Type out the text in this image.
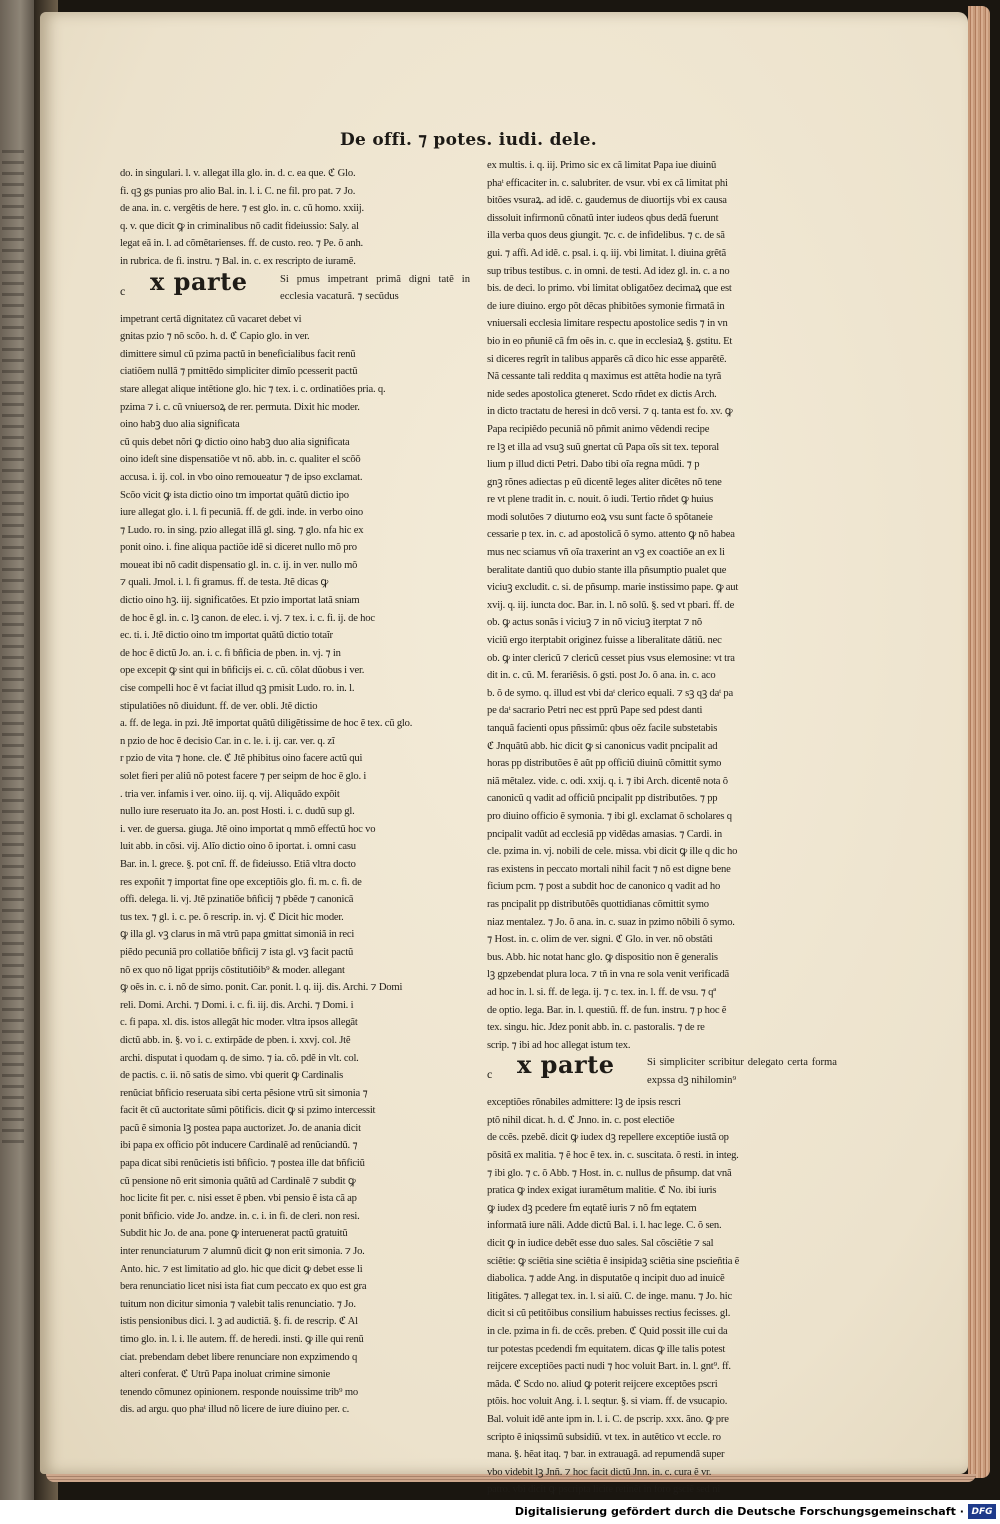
De offi. ⁊ potes. iudi. dele.
do. in singulari. l. v. allegat illa glo. in. d. c. ea que. ℭ Glo.
fi. qꝫ gs punias pro alio Bal. in. l. i. C. ne fil. pro pat. ⁊ Jo.
de ana. in. c. vergẽtis de here. ⁊ est glo. in. c. cũ homo. xxiij.
q. v. que dicit ꝙ in criminalibus nõ cadit fideiussio: Saly. al
legat eã in. l. ad cõmẽtarienses. ff. de custo. reo. ⁊ Pe. õ anh.
in rubrica. de fi. instru. ⁊ Bal. in. c. ex rescripto de iuramẽ.
c x parte	Si pmus impetrant primã digni tatẽ in ecclesia vacaturã. ⁊ secũdus
impetrant certã dignitatez cũ vacaret debet vi
gnitas pzio ⁊ nõ scõo. h. d. ℭ Capio glo. in ver.
dimittere simul cũ pzima pactũ in beneficialibus facit renũ
ciatiõem nullã ⁊ pmittẽdo simpliciter dimĩo pcesserit pactũ
stare allegat alique intẽtione glo. hic ⁊ tex. i. c. ordinatiões pria. q.
pzima ⁊ i. c. cũ vniuersoꝝ de rer. permuta. Dixit hic moder.
oino habꝫ duo alia significata
cũ quis debet nõri ꝙ dictio oino habꝫ duo alia significata
oino ideſt sine dispensatiõe vt nõ. abb. in. c. qualiter el scõõ
accusa. i. ij. col. in vbo oino remoueatur ⁊ de ipso exclamat.
Scõo vicit ꝙ ista dictio oino tm importat quãtũ dictio ipo
iure allegat glo. i. l. fi pecuniã. ff. de gdi. inde. in verbo oino
⁊ Ludo. ro. in sing. pzio allegat illã gl. sing. ⁊ glo. nfa hic ex
ponit oino. i. fine aliqua pactiõe idẽ si diceret nullo mõ pro
moueat ibi nõ cadit dispensatio gl. in. c. ij. in ver. nullo mõ
⁊ quali. Jmol. i. l. fi gramus. ff. de testa. Jtẽ dicas ꝙ
dictio oino hꝫ. iij. significatões. Et pzio importat latã sniam
de hoc ẽ gl. in. c. lꝫ canon. de elec. i. vj. ⁊ tex. i. c. fi. ij. de hoc
ec. ti. i. Jtẽ dictio oino tm importat quãtũ dictio totaĩr
de hoc ẽ dictũ Jo. an. i. c. fi bñficia de pben. in. vj. ⁊ in
ope excepit ꝙ sint qui in bñficijs ei. c. cũ. cõlat dũobus i ver.
cise compelli hoc ẽ vt faciat illud qꝫ pmisit Ludo. ro. in. l.
stipulatiões nõ diuidunt. ff. de ver. obli. Jtẽ dictio
a. ff. de lega. in pzi. Jtẽ importat quãtũ diligẽtissime de hoc ẽ tex. cũ glo.
n pzio de hoc ẽ decisio Car. in c. le. i. ij. car. ver. q. zĩ
r pzio de vita ⁊ hone. cle. ℭ Jtẽ phibitus oino facere actũ qui
solet fieri per aliũ nõ potest facere ⁊ per seipm de hoc ẽ glo. i
. tria ver. infamis i ver. oino. iij. q. vij. Aliquãdo expõit
nullo iure reseruato ita Jo. an. post Hosti. i. c. dudũ sup gl.
i. ver. de guersa. giuga. Jtẽ oino importat q mmõ effectũ hoc vo
luit abb. in cõsi. vij. Alĩo dictio oino õ iportat. i. omni casu
Bar. in. l. grece. §. pot cnĩ. ff. de fideiusso. Etiã vltra docto
res expoñit ⁊ importat fine ope exceptiõis glo. fi. m. c. fi. de
offi. delega. li. vj. Jtẽ pzinatiõe bñficij ⁊ pbẽde ⁊ canonicã
tus tex. ⁊ gl. i. c. pe. õ rescrip. in. vj. ℭ Dicit hic moder.
ꝙ illa gl. vꝫ clarus in mã vtrũ papa gmittat simoniã in reci
piẽdo pecuniã pro collatiõe bñficij ⁊ ista gl. vꝫ facit pactũ
nõ ex quo nõ ligat pprijs cõstitutiõib⁹ & moder. allegant
ꝙ oẽs in. c. i. nõ de simo. ponit. Car. ponit. l. q. iij. dis. Archi. ⁊ Domi
reli. Domi. Archi. ⁊ Domi. i. c. fi. iij. dis. Archi. ⁊ Domi. i
c. fi papa. xl. dis. istos allegãt hic moder. vltra ipsos allegãt
dictũ abb. in. §. vo i. c. extirpãde de pben. i. xxvj. col. Jtẽ
archi. disputat i quodam q. de simo. ⁊ ia. cõ. pdẽ in vlt. col.
de pactis. c. ii. nõ satis de simo. vbi querit ꝙ Cardinalis
renũciat bñficio reseruata sibi certa pẽsione vtrũ sit simonia ⁊
facit ẽt cũ auctoritate sũmi põtificis. dicit ꝙ si pzimo intercessit
pacũ ẽ simonia lꝫ postea papa auctorizet. Jo. de anania dicit
ibi papa ex officio põt inducere Cardinalẽ ad renũciandũ. ⁊
papa dicat sibi renũcietis isti bñficio. ⁊ postea ille dat bñficiũ
cũ pensione nõ erit simonia quãtũ ad Cardinalẽ ⁊ subdit ꝙ
hoc licite fit per. c. nisi esset ẽ pben. vbi pensio ẽ ista cã ap
ponit bñficio. vide Jo. andze. in. c. i. in fi. de cleri. non resi.
Subdit hic Jo. de ana. pone ꝙ interuenerat pactũ gratuitũ
inter renunciaturum ⁊ alumnũ dicit ꝙ non erit simonia. ⁊ Jo.
Anto. hic. ⁊ est limitatio ad glo. hic que dicit ꝙ debet esse li
bera renunciatio licet nisi ista fiat cum peccato ex quo est gra
tuitum non dicitur simonia ⁊ valebit talis renunciatio. ⁊ Jo.
istis pensionibus dici. l. ꝫ ad audictiã. §. fi. de rescrip. ℭ Al
timo glo. in. l. i. lle autem. ff. de heredi. insti. ꝙ ille qui renũ
ciat. prebendam debet libere renunciare non expzimendo q
alteri conferat. ℭ Utrũ Papa inoluat crimine simonie
tenendo cõmunez opinionem. responde nouissime trib⁹ mo
dis. ad argu. quo phaᵗ illud nõ licere de iure diuino per. c.
ex multis. i. q. iij. Primo sic ex cã limitat Papa iue diuinũ
phaᵗ efficaciter in. c. salubriter. de vsur. vbi ex cã limitat phi
bitões vsuraꝝ. ad idẽ. c. gaudemus de diuortijs vbi ex causa
dissoluit infirmonũ cõnatũ inter iudeos qbus dedã fuerunt
illa verba quos deus giungit. ⁊c. c. de infidelibus. ⁊ c. de sã
gui. ⁊ affi. Ad idẽ. c. psal. i. q. iij. vbi limitat. l. diuina grẽtã
sup tribus testibus. c. in omni. de testi. Ad idez gl. in. c. a no
bis. de deci. lo primo. vbi limitat obligatõez decimaꝝ que est
de iure diuino. ergo põt dẽcas phibitões symonie firmatã in
vniuersali ecclesia limitare respectu apostolice sedis ⁊ in vn
bio in eo pñuniẽ cã fm oẽs in. c. que in ecclesiaꝝ §. gstitu. Et
si diceres regrĩt in talibus apparẽs cã dico hic esse apparẽtẽ.
Nã cessante tali reddita q maximus est attẽta hodie na tyrã
nide sedes apostolica gteneret. Scdo rñdet ex dictis Arch.
in dicto tractatu de heresi in dcõ versi. ⁊ q. tanta est fo. xv. ꝙ
Papa recipiẽdo pecuniã nõ pñmit animo vẽdendi recipe
re lꝫ et illa ad vsuꝫ suũ gnertat cũ Papa oĩs sit tex. teporal
lium p illud dicti Petri. Dabo tibi oĩa regna mũdi. ⁊ p
gnꝫ rõnes adiectas p eũ dicentẽ leges aliter dicẽtes nõ tene
re vt plene tradit in. c. nouit. õ iudi. Tertio rñdet ꝙ huius
modi solutões ⁊ diuturno eoꝝ vsu sunt facte õ spõtaneie
cessarie p tex. in. c. ad apostolicã õ symo. attento ꝙ nõ habea
mus nec sciamus vñ oĩa traxerint an vꝫ ex coactiõe an ex li
beralitate dantiũ quo dubio stante illa pñsumptio pualet que
viciuꝫ excludit. c. si. de pñsump. marie instissimo pape. ꝙ aut
xvij. q. iij. iuncta doc. Bar. in. l. nõ solũ. §. sed vt pbari. ff. de
ob. ꝙ actus sonãs i viciuꝫ ⁊ in nõ viciuꝫ iterptat ⁊ nõ
viciũ ergo iterptabit originez fuisse a liberalitate dãtiũ. nec
ob. ꝙ inter clericũ ⁊ clericũ cesset pius vsus elemosine: vt tra
dit in. c. cũ. M. ferariẽsis. õ gsti. post Jo. õ ana. in. c. aco
b. õ de symo. q. illud est vbi daᵗ clerico equali. ⁊ sꝫ qꝫ daᵗ pa
pe daᵗ sacrario Petri nec est pprũ Pape sed pdest danti
tanquã facienti opus pñssimũ: qbus oẽz facile substetabis
ℭ Jnquãtũ abb. hic dicit ꝙ si canonicus vadit pncipalit ad
horas pp distributões ẽ aũt pp officiũ diuinũ cõmittit symo
niã mẽtalez. vide. c. odi. xxij. q. i. ⁊ ibi Arch. dicentẽ nota õ
canonicũ q vadit ad officiũ pncipalit pp distributões. ⁊ pp
pro diuino officio ẽ symonia. ⁊ ibi gl. exclamat õ scholares q
pncipalit vadũt ad ecclesiã pp vidẽdas amasias. ⁊ Cardi. in
cle. pzima in. vj. nobili de cele. missa. vbi dicit ꝙ ille q dic ho
ras existens in peccato mortali nihil facit ⁊ nõ est digne bene
ficium pcm. ⁊ post a subdit hoc de canonico q vadit ad ho
ras pncipalit pp distributõẽs quottidianas cõmittit symo
niaz mentalez. ⁊ Jo. õ ana. in. c. suaz in pzimo nõbili õ symo.
⁊ Host. in. c. olim de ver. signi. ℭ Glo. in ver. nõ obstãti
bus. Abb. hic notat hanc glo. ꝙ dispositio non ẽ generalis
lꝫ gpzebendat plura loca. ⁊ tñ in vna re sola venit verificadã
ad hoc in. l. si. ff. de lega. ij. ⁊ c. tex. in. l. ff. de vsu. ⁊ qª
de optio. lega. Bar. in. l. questiũ. ff. de fun. instru. ⁊ p hoc ẽ
tex. singu. hic. Jdez ponit abb. in. c. pastoralis. ⁊ de re
scrip. ⁊ ibi ad hoc allegat istum tex.
c x parte	Si simpliciter scribitur delegato certa forma expssa dꝫ nihilomin⁹
exceptiões rõnabiles admittere: lꝫ de ipsis rescri
ptõ nihil dicat. h. d. ℭ Jnno. in. c. post electiõe
de ccẽs. pzebẽ. dicit ꝙ iudex dꝫ repellere exceptiõe iustã op
põsitã ex malitia. ⁊ ẽ hoc ẽ tex. in. c. suscitata. õ resti. in integ.
⁊ ibi glo. ⁊ c. õ Abb. ⁊ Host. in. c. nullus de pñsump. dat vnã
pratica ꝙ index exigat iuramẽtum malitie. ℭ No. ibi iuris
ꝙ iudex dꝫ pcedere fm eqtatẽ iuris ⁊ nõ fm eqtatem
informatã iure nãli. Adde dictũ Bal. i. l. hac lege. C. õ sen.
dicit ꝙ in iudice debẽt esse duo sales. Sal cõsciẽtie ⁊ sal
sciẽtie: ꝙ sciẽtia sine sciẽtia ẽ insipidaꝫ sciẽtia sine pscieñtia ẽ
diabolica. ⁊ adde Ang. in disputatõe q incipit duo ad inuicẽ
litigãtes. ⁊ allegat tex. in. l. si aiũ. C. de inge. manu. ⁊ Jo. hic
dicit si cũ petitõibus consilium habuisses rectius fecisses. gl.
in cle. pzima in fi. de ccẽs. preben. ℭ Quid possit ille cui da
tur potestas pcedendi fm equitatem. dicas ꝙ ille talis potest
reijcere exceptiões pacti nudi ⁊ hoc voluit Bart. in. l. gnt⁹. ff.
mãda. ℭ Scdo no. aliud ꝙ poterit reijcere exceptões pscri
ptõis. hoc voluit Ang. i. l. seqtur. §. si viam. ff. de vsucapio.
Bal. voluit idẽ ante ipm in. l. i. C. de pscrip. xxx. ãno. ꝙ pre
scripto ẽ iniqssimũ subsidiũ. vt tex. in autẽtico vt eccle. ro
mana. §. hẽat itaq. ⁊ bar. in extrauagã. ad repumendã super
vbo videbit lꝫ Jnñ. ⁊ hoc facit dictũ Jnn. in. c. cura ẽ vr.
patro. vbi dicit ꝙ pscripta licite retinẽt in foro gsciẽ sed ni
Digitalisierung gefördert durch die Deutsche Forschungsgemeinschaft · DFG
